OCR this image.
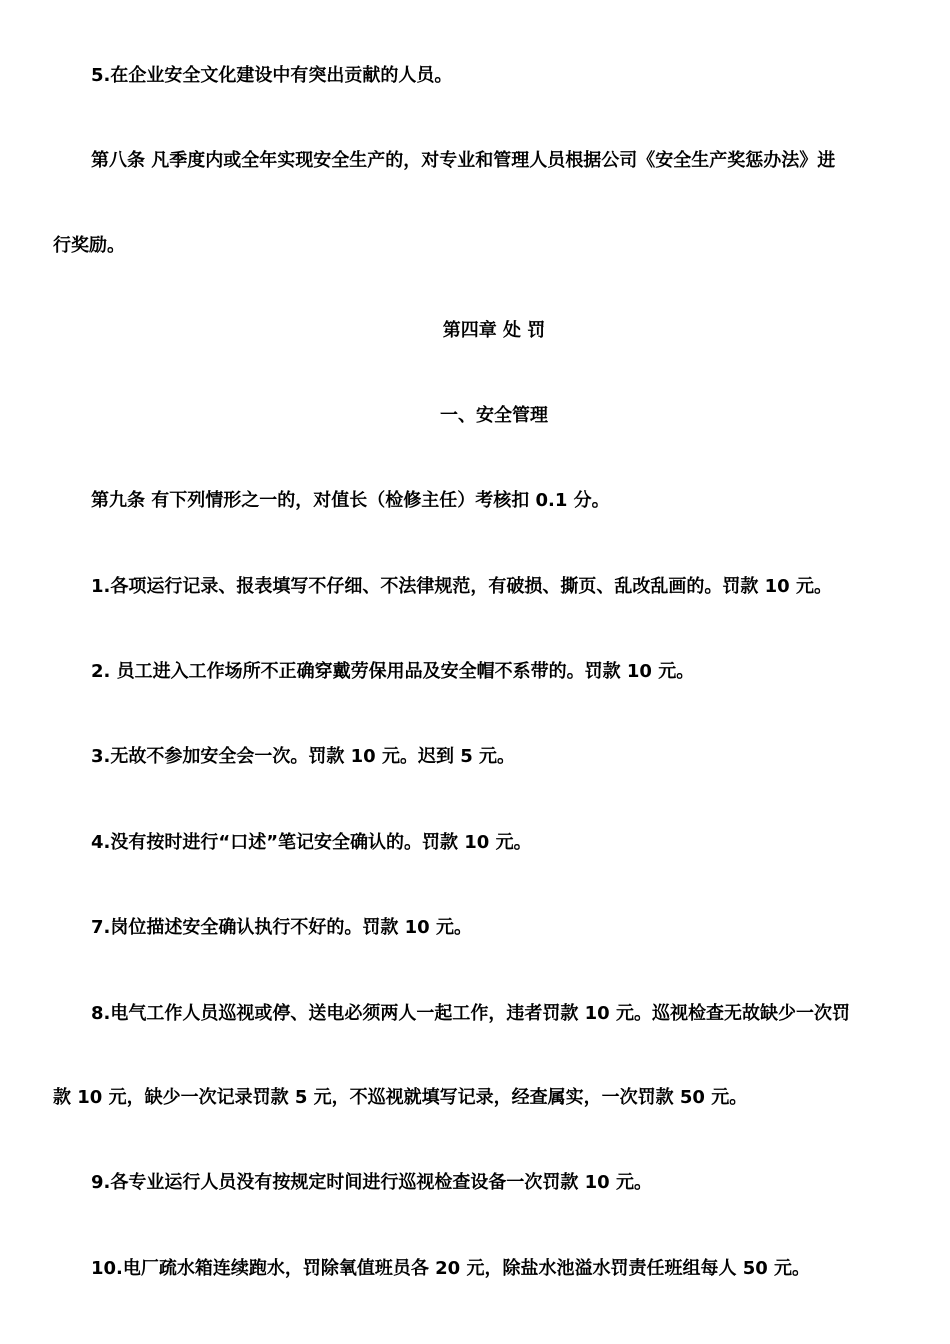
5.在企业安全文化建设中有突出贡献的人员。
第八条 凡季度内或全年实现安全生产的，对专业和管理人员根据公司《安全生产奖惩办法》进
行奖励。
第四章 处 罚
一、安全管理
第九条 有下列情形之一的，对值长（检修主任）考核扣 0.1 分。
1.各项运行记录、报表填写不仔细、不法律规范，有破损、撕页、乱改乱画的。罚款 10 元。
2. 员工进入工作场所不正确穿戴劳保用品及安全帽不系带的。罚款 10 元。
3.无故不参加安全会一次。罚款 10 元。迟到 5 元。
4.没有按时进行“口述”笔记安全确认的。罚款 10 元。
7.岗位描述安全确认执行不好的。罚款 10 元。
8.电气工作人员巡视或停、送电必须两人一起工作，违者罚款 10 元。巡视检查无故缺少一次罚
款 10 元，缺少一次记录罚款 5 元，不巡视就填写记录，经查属实，一次罚款 50 元。
9.各专业运行人员没有按规定时间进行巡视检查设备一次罚款 10 元。
10.电厂疏水箱连续跑水，罚除氧值班员各 20 元，除盐水池溢水罚责任班组每人 50 元。
